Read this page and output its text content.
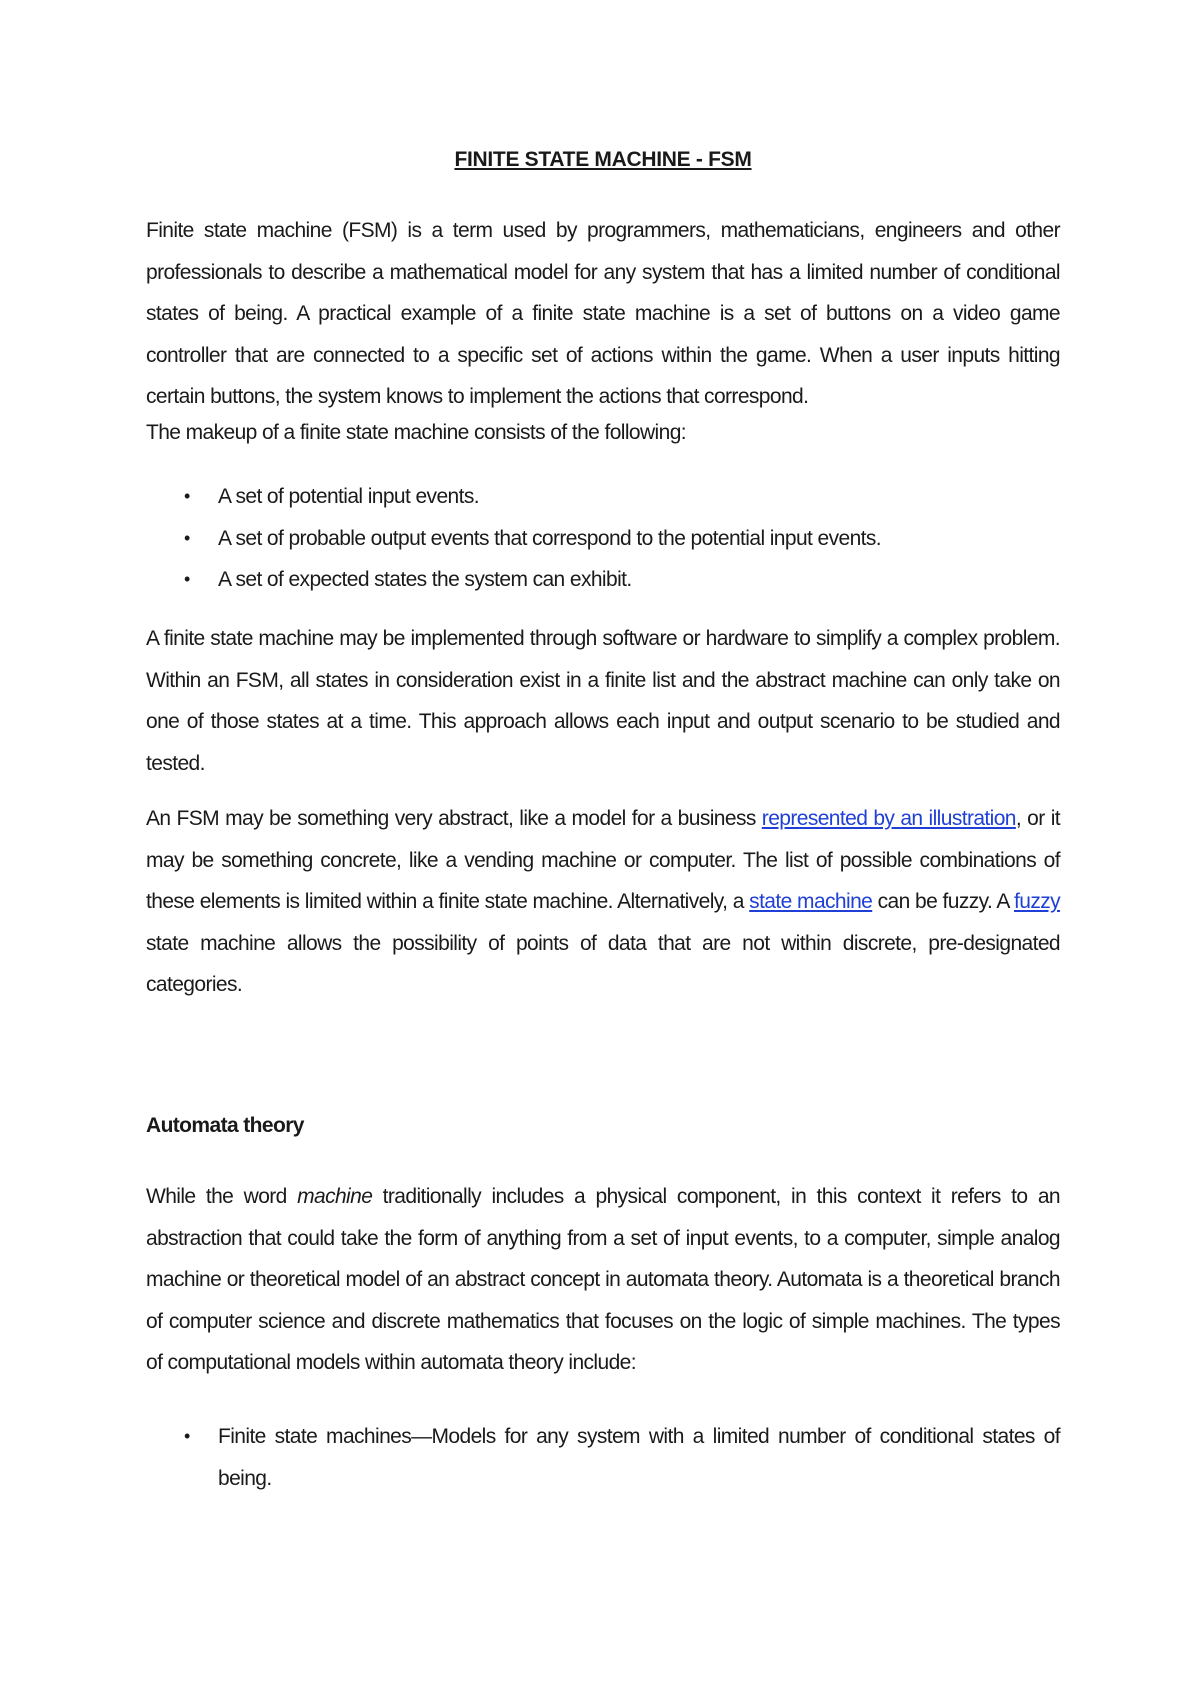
FINITE STATE MACHINE - FSM
Finite state machine (FSM) is a term used by programmers, mathematicians, engineers and other professionals to describe a mathematical model for any system that has a limited number of conditional states of being. A practical example of a finite state machine is a set of buttons on a video game controller that are connected to a specific set of actions within the game. When a user inputs hitting certain buttons, the system knows to implement the actions that correspond.
The makeup of a finite state machine consists of the following:
• A set of potential input events.
• A set of probable output events that correspond to the potential input events.
• A set of expected states the system can exhibit.
A finite state machine may be implemented through software or hardware to simplify a complex problem. Within an FSM, all states in consideration exist in a finite list and the abstract machine can only take on one of those states at a time. This approach allows each input and output scenario to be studied and tested.
An FSM may be something very abstract, like a model for a business represented by an illustration, or it may be something concrete, like a vending machine or computer. The list of possible combinations of these elements is limited within a finite state machine. Alternatively, a state machine can be fuzzy. A fuzzy state machine allows the possibility of points of data that are not within discrete, pre-designated categories.
Automata theory
While the word machine traditionally includes a physical component, in this context it refers to an abstraction that could take the form of anything from a set of input events, to a computer, simple analog machine or theoretical model of an abstract concept in automata theory. Automata is a theoretical branch of computer science and discrete mathematics that focuses on the logic of simple machines. The types of computational models within automata theory include:
• Finite state machines—Models for any system with a limited number of conditional states of being.
